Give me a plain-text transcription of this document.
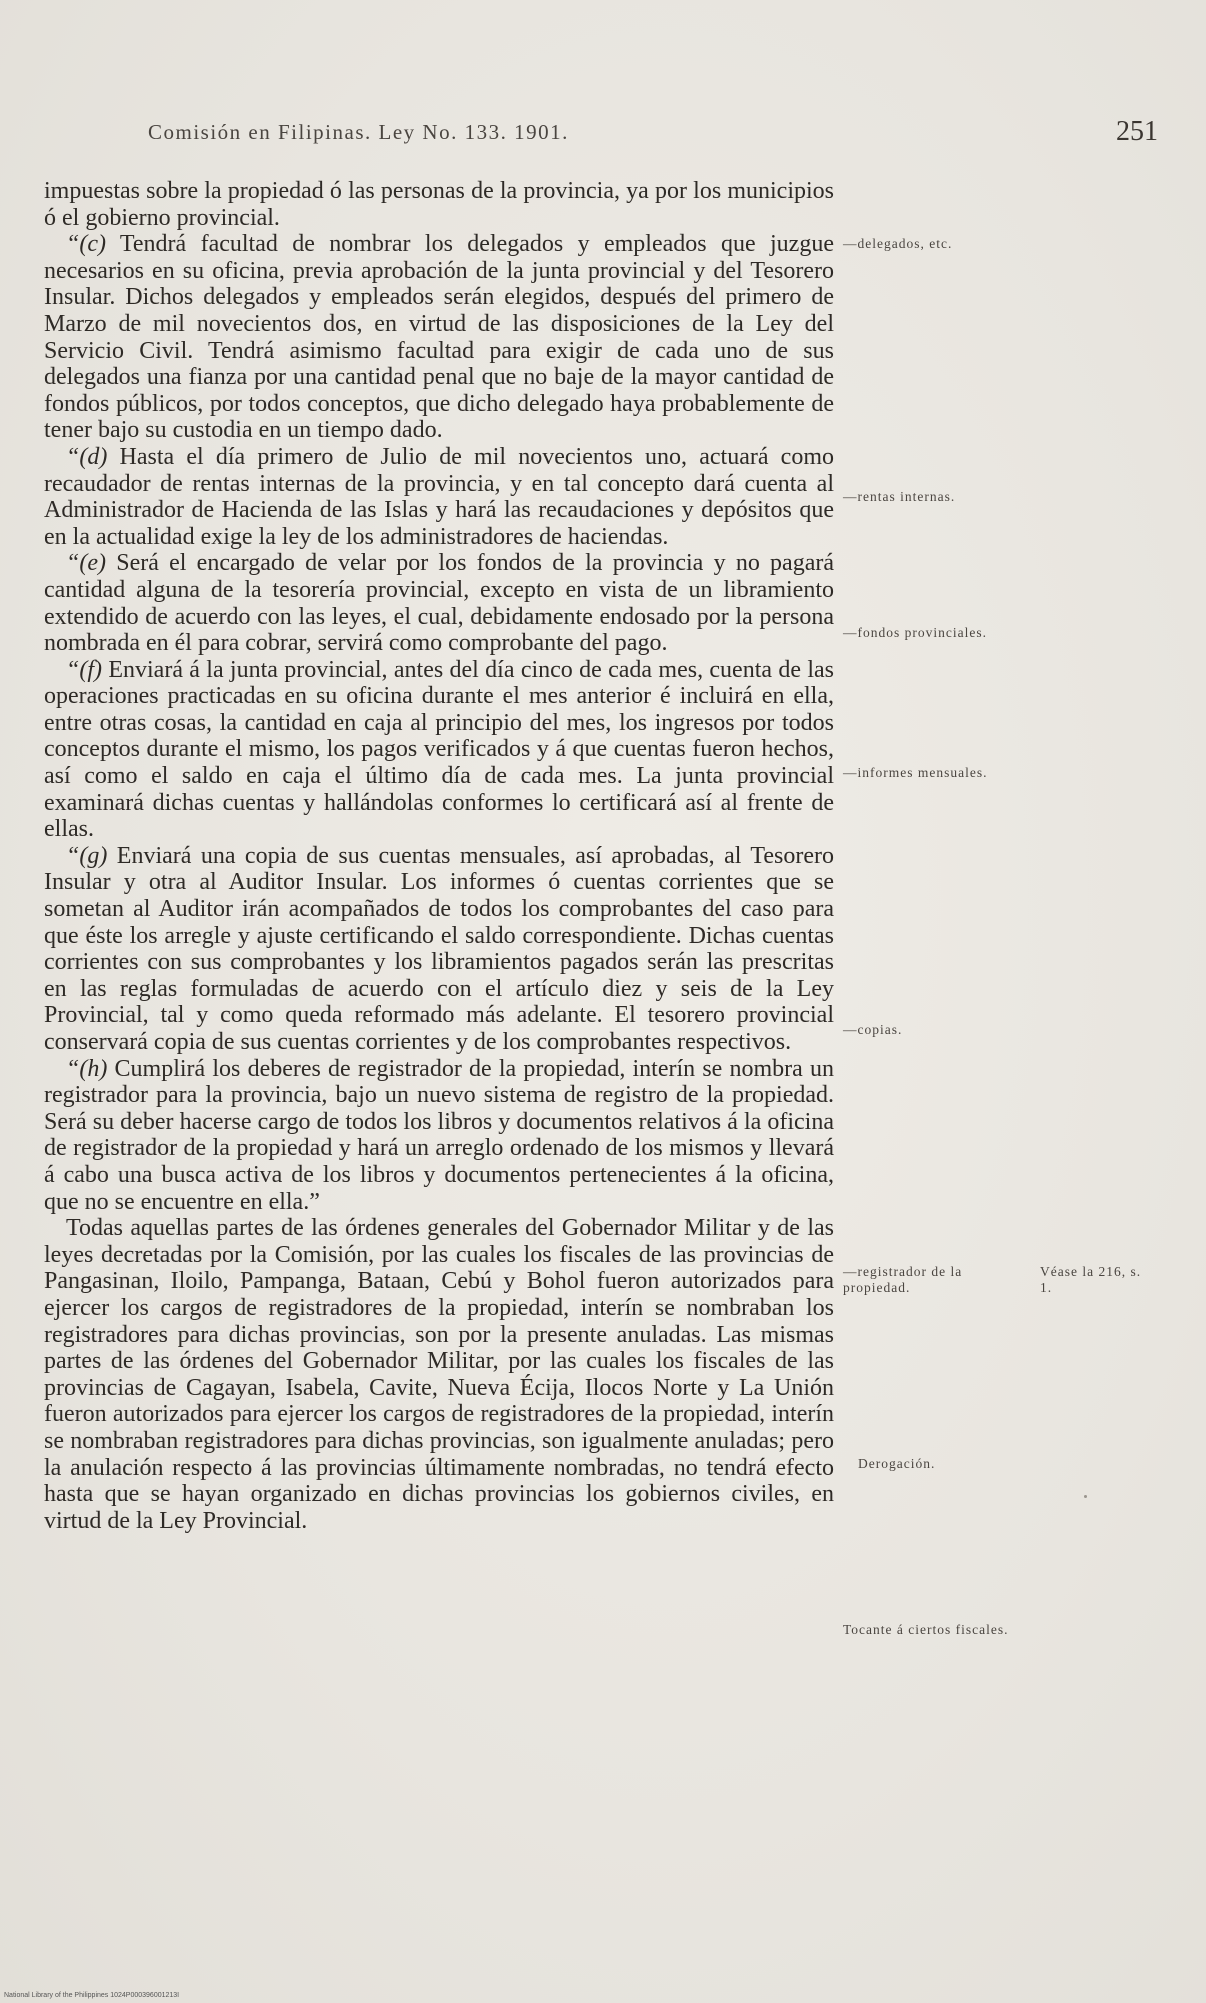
Comisión en Filipinas. Ley No. 133. 1901.	251

impuestas sobre la propiedad ó las personas de la provincia, ya por los municipios ó el gobierno provincial.

“(c) Tendrá facultad de nombrar los delegados y empleados que juzgue necesarios en su oficina, previa aprobación de la junta provincial y del Tesorero Insular. Dichos delegados y empleados serán elegidos, después del primero de Marzo de mil novecientos dos, en virtud de las disposiciones de la Ley del Servicio Civil. Tendrá asimismo facultad para exigir de cada uno de sus delegados una fianza por una cantidad penal que no baje de la mayor cantidad de fondos públicos, por todos conceptos, que dicho delegado haya probablemente de tener bajo su custodia en un tiempo dado.

“(d) Hasta el día primero de Julio de mil novecientos uno, actuará como recaudador de rentas internas de la provincia, y en tal concepto dará cuenta al Administrador de Hacienda de las Islas y hará las recaudaciones y depósitos que en la actualidad exige la ley de los administradores de haciendas.

“(e) Será el encargado de velar por los fondos de la provincia y no pagará cantidad alguna de la tesorería provincial, excepto en vista de un libramiento extendido de acuerdo con las leyes, el cual, debidamente endosado por la persona nombrada en él para cobrar, servirá como comprobante del pago.

“(f) Enviará á la junta provincial, antes del día cinco de cada mes, cuenta de las operaciones practicadas en su oficina durante el mes anterior é incluirá en ella, entre otras cosas, la cantidad en caja al principio del mes, los ingresos por todos conceptos durante el mismo, los pagos verificados y á que cuentas fueron hechos, así como el saldo en caja el último día de cada mes. La junta provincial examinará dichas cuentas y hallándolas conformes lo certificará así al frente de ellas.

“(g) Enviará una copia de sus cuentas mensuales, así aprobadas, al Tesorero Insular y otra al Auditor Insular. Los informes ó cuentas corrientes que se sometan al Auditor irán acompañados de todos los comprobantes del caso para que éste los arregle y ajuste certificando el saldo correspondiente. Dichas cuentas corrientes con sus comprobantes y los libramientos pagados serán las prescritas en las reglas formuladas de acuerdo con el artículo diez y seis de la Ley Provincial, tal y como queda reformado más adelante. El tesorero provincial conservará copia de sus cuentas corrientes y de los comprobantes respectivos.

“(h) Cumplirá los deberes de registrador de la propiedad, interín se nombra un registrador para la provincia, bajo un nuevo sistema de registro de la propiedad. Será su deber hacerse cargo de todos los libros y documentos relativos á la oficina de registrador de la propiedad y hará un arreglo ordenado de los mismos y llevará á cabo una busca activa de los libros y documentos pertenecientes á la oficina, que no se encuentre en ella.”

Todas aquellas partes de las órdenes generales del Gobernador Militar y de las leyes decretadas por la Comisión, por las cuales los fiscales de las provincias de Pangasinan, Iloilo, Pampanga, Bataan, Cebú y Bohol fueron autorizados para ejercer los cargos de registradores de la propiedad, interín se nombraban los registradores para dichas provincias, son por la presente anuladas. Las mismas partes de las órdenes del Gobernador Militar, por las cuales los fiscales de las provincias de Cagayan, Isabela, Cavite, Nueva Écija, Ilocos Norte y La Unión fueron autorizados para ejercer los cargos de registradores de la propiedad, interín se nombraban registradores para dichas provincias, son igualmente anuladas; pero la anulación respecto á las provincias últimamente nombradas, no tendrá efecto hasta que se hayan organizado en dichas provincias los gobiernos civiles, en virtud de la Ley Provincial.

—delegados, etc.
—rentas internas.
—fondos provinciales.
—informes mensuales.
—copias.
—registrador de la propiedad.
Derogación.
Tocante á ciertos fiscales.
Véase la 216, s. 1.
National Library of the Philippines 1024P000396001213I
